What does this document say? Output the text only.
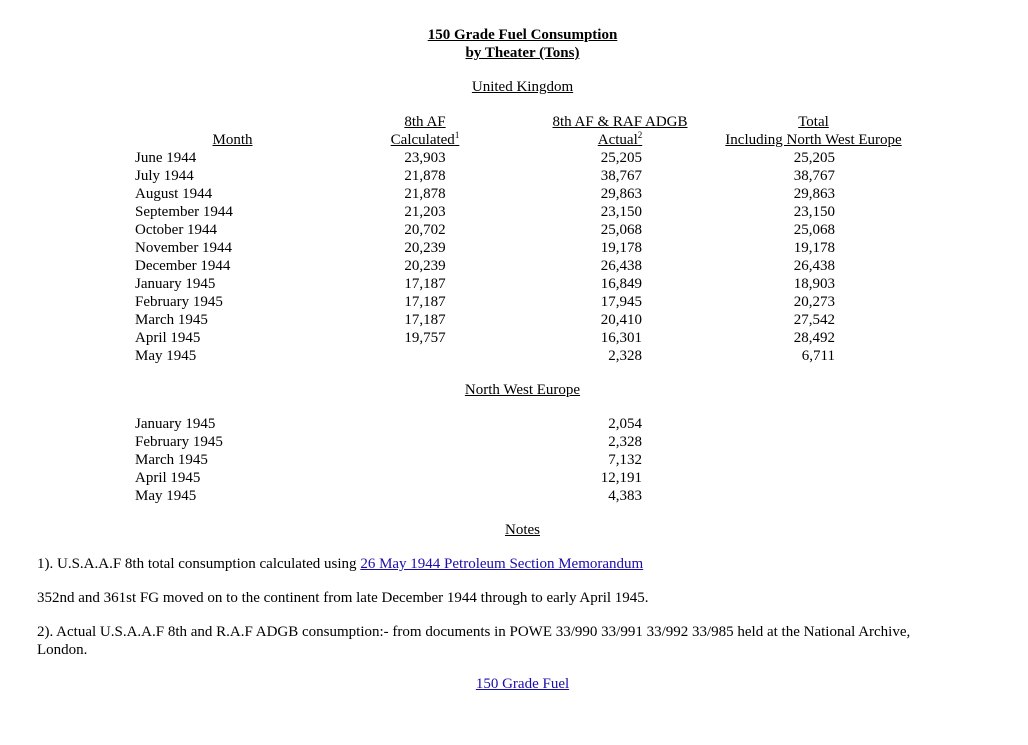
150 Grade Fuel Consumption
by Theater (Tons)
United Kingdom
Month
8th AF
Calculated$^1$
8th AF & RAF ADGB
Actual$^2$
Total
Including North West Europe
June 1944
July 1944
August 1944
September 1944
October 1944
November 1944
December 1944
January 1945
February 1945
March 1945
April 1945
May 1945
23,903
21,878
21,878
21,203
20,702
20,239
20,239
17,187
17,187
17,187
19,757
25,205
38,767
29,863
23,150
25,068
19,178
26,438
16,849
17,945
20,410
16,301
2,328
25,205
38,767
29,863
23,150
25,068
19,178
26,438
18,903
20,273
27,542
28,492
6,711
North West Europe
January 1945
February 1945
March 1945
April 1945
May 1945
2,054
2,328
7,132
12,191
4,383
Notes
1). U.S.A.A.F 8th total consumption calculated using 26 May 1944 Petroleum Section Memorandum
352nd and 361st FG moved on to the continent from late December 1944 through to early April 1945.
2). Actual U.S.A.A.F 8th and R.A.F ADGB consumption:- from documents in POWE 33/990 33/991 33/992 33/985 held at the National Archive,
London.
150 Grade Fuel
